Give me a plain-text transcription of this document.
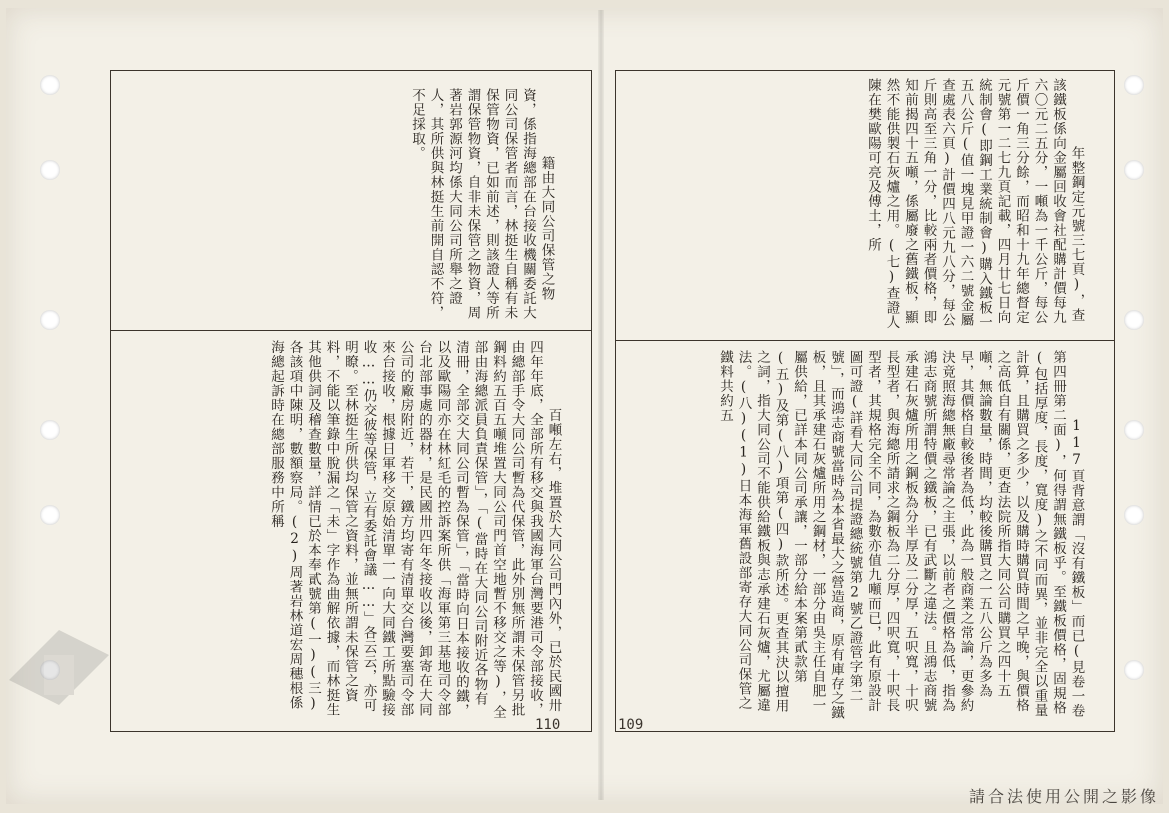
籍由大同公司保管之物資，係指海總部在台接收機關委託大同公司保管者而言，林挺生自稱有未保管物資，已如前述，則該證人等所謂保管物資，自非未保管之物資，周著岩郭源河均係大同公司所舉之證人，其所供與林挺生前開自認不符，不足採取。

百噸左右，堆置於大同公司門內外，已於民國卅四年年底，全部所有移交與我國海軍台灣要港司令部接收，由總部手令大同公司暫為代保管，此外別無所謂未保管另批鋼料約五百五噸堆置大同公司門首空地暫不移交之等)，全部由海總派員負責保管」，「(當時在大同公司附近各物有清冊，全部交大同公司暫為保管」，「當時向日本接收的鐵，以及歐陽同亦在林紅毛的控訴案所供「海軍第三基地司令部台北部事處的器材，是民國卅四年冬接收以後，卸寄在大同公司的廠房附近，若干，鐵方均寄有清單交台灣要塞司令部來台接收，根據日軍移交原始清單一一向大同鐵工所點驗接收……仍交彼等保管，立有委託會議……」各云云，亦可明瞭。至林挺生所供均保管之資料，並無所謂未保管之資料，不能以筆錄中脫漏之「未」字作為曲解依據，而林挺生其他供詞及稽查數量，詳情已於本奉貳號第(一)(三)各該項中陳明，數額察局。(2)周著岩林道宏周穗根係海總起訴時在總部服務中所稱

110

年整鋼定元號三七頁)，查該鐵板係向金屬回收會社配購計價每九六〇元二五分，一噸為一千公斤，每公斤價一角三分餘，而昭和十九年總督定元號第一二七九頁記載，四月廿七日向統制會(即鋼工業統制會)購入鐵板一五八公斤(值一塊見甲證一六二號金屬查處表六頁)計價四八元九八分，每公斤則高至三角一分，比較兩者價格，即知前揭四十五噸，係屬廢之舊鐵板，顯然不能供製石灰爐之用。(七)查證人陳在樊歐陽可亮及傅土，所

117頁背意謂「沒有鐵板」而已(見卷一卷第四冊第二面)，何得謂無鐵板乎。至鐵板價格，固規格(包括厚度，長度，寬度)之不同而異，並非完全以重量計算，且購買之多少，以及購時購買時間之早晚，與價格之高低自有關係，更查法院所指大同公司購買之四十五噸，無論數量，時間，均較後購買之一五八公斤為多為早，其價格自較後者為低，此為一般商業之常論，更參約決竟照海總無廠尋常論之主張，以前者之價格為低，指為鴻志商號所謂特價之鐵板，已有武斷之違法。且鴻志商號承建石灰爐所用之鋼板為分半厚及二分厚，五呎寬，十呎長型者，與海總所請求之鋼板為二分厚，四呎寬，十呎長型者，其規格完全不同，為數亦值九噸而已，此有原設計圖可證(詳看大同公司提證總統號第2號乙證管字第二號」，而鴻志商號當時為本省最大之營造商，原有庫存之鐵板，且其承建石灰爐所用之鋼材，一部分由吳主任自肥一屬供給，已詳本同公司承讓，一部分給本案第貳款第(五)及第(八)項第(四)款所述。更查其決以擅用之詞，指大同公司不能供給鐵板與志承建石灰爐，尤屬違法。(八)(1)日本海軍舊設部寄存大同公司保管之鐵料共約五

109
請合法使用公開之影像
